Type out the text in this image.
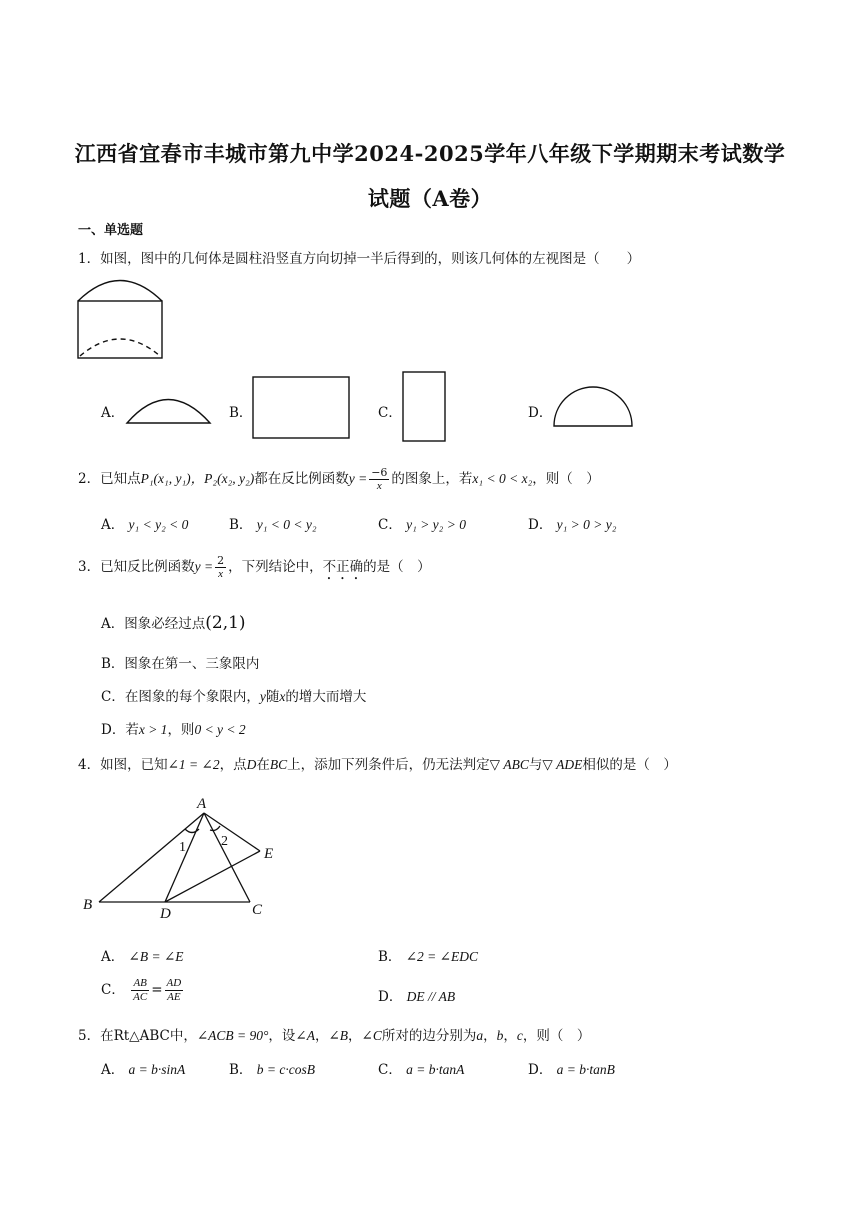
江西省宜春市丰城市第九中学2024-2025学年八年级下学期期末考试数学
试题（A卷）
一、单选题
1．如图，图中的几何体是圆柱沿竖直方向切掉一半后得到的，则该几何体的左视图是（　　）
A．	B．	C．	D．
2．已知点P₁(x₁, y₁)，P₂(x₂, y₂)都在反比例函数$y = \frac{-6}{x}$ 的图象上，若x₁ < 0 < x₂，则（　）
A． y₁ < y₂ < 0	B． y₁ < 0 < y₂	C． y₁ > y₂ > 0	D． y₁ > 0 > y₂
3．已知反比例函数$y = \frac{2}{x}$ ，下列结论中，不正确的是（　）
A．图象必经过点(2,1)
B．图象在第一、三象限内
C．在图象的每个象限内，y随x的增大而增大
D．若x > 1，则0 < y < 2
4．如图，已知∠1 = ∠2，点D在BC上，添加下列条件后，仍无法判定▽ ABC与▽ ADE相似的是（　）
A
B	C
D
E
1	2
A． ∠B = ∠E	B． ∠2 = ∠EDC
C． $\frac{AB}{AC} = \frac{AD}{AE}$	D． DE // AB
5．在Rt△ABC中，∠ACB = 90°，设∠A，∠B，∠C所对的边分别为a，b，c，则（　）
A． a = b·sinA	B． b = c·cosB	C． a = b·tanA	D． a = b·tanB
